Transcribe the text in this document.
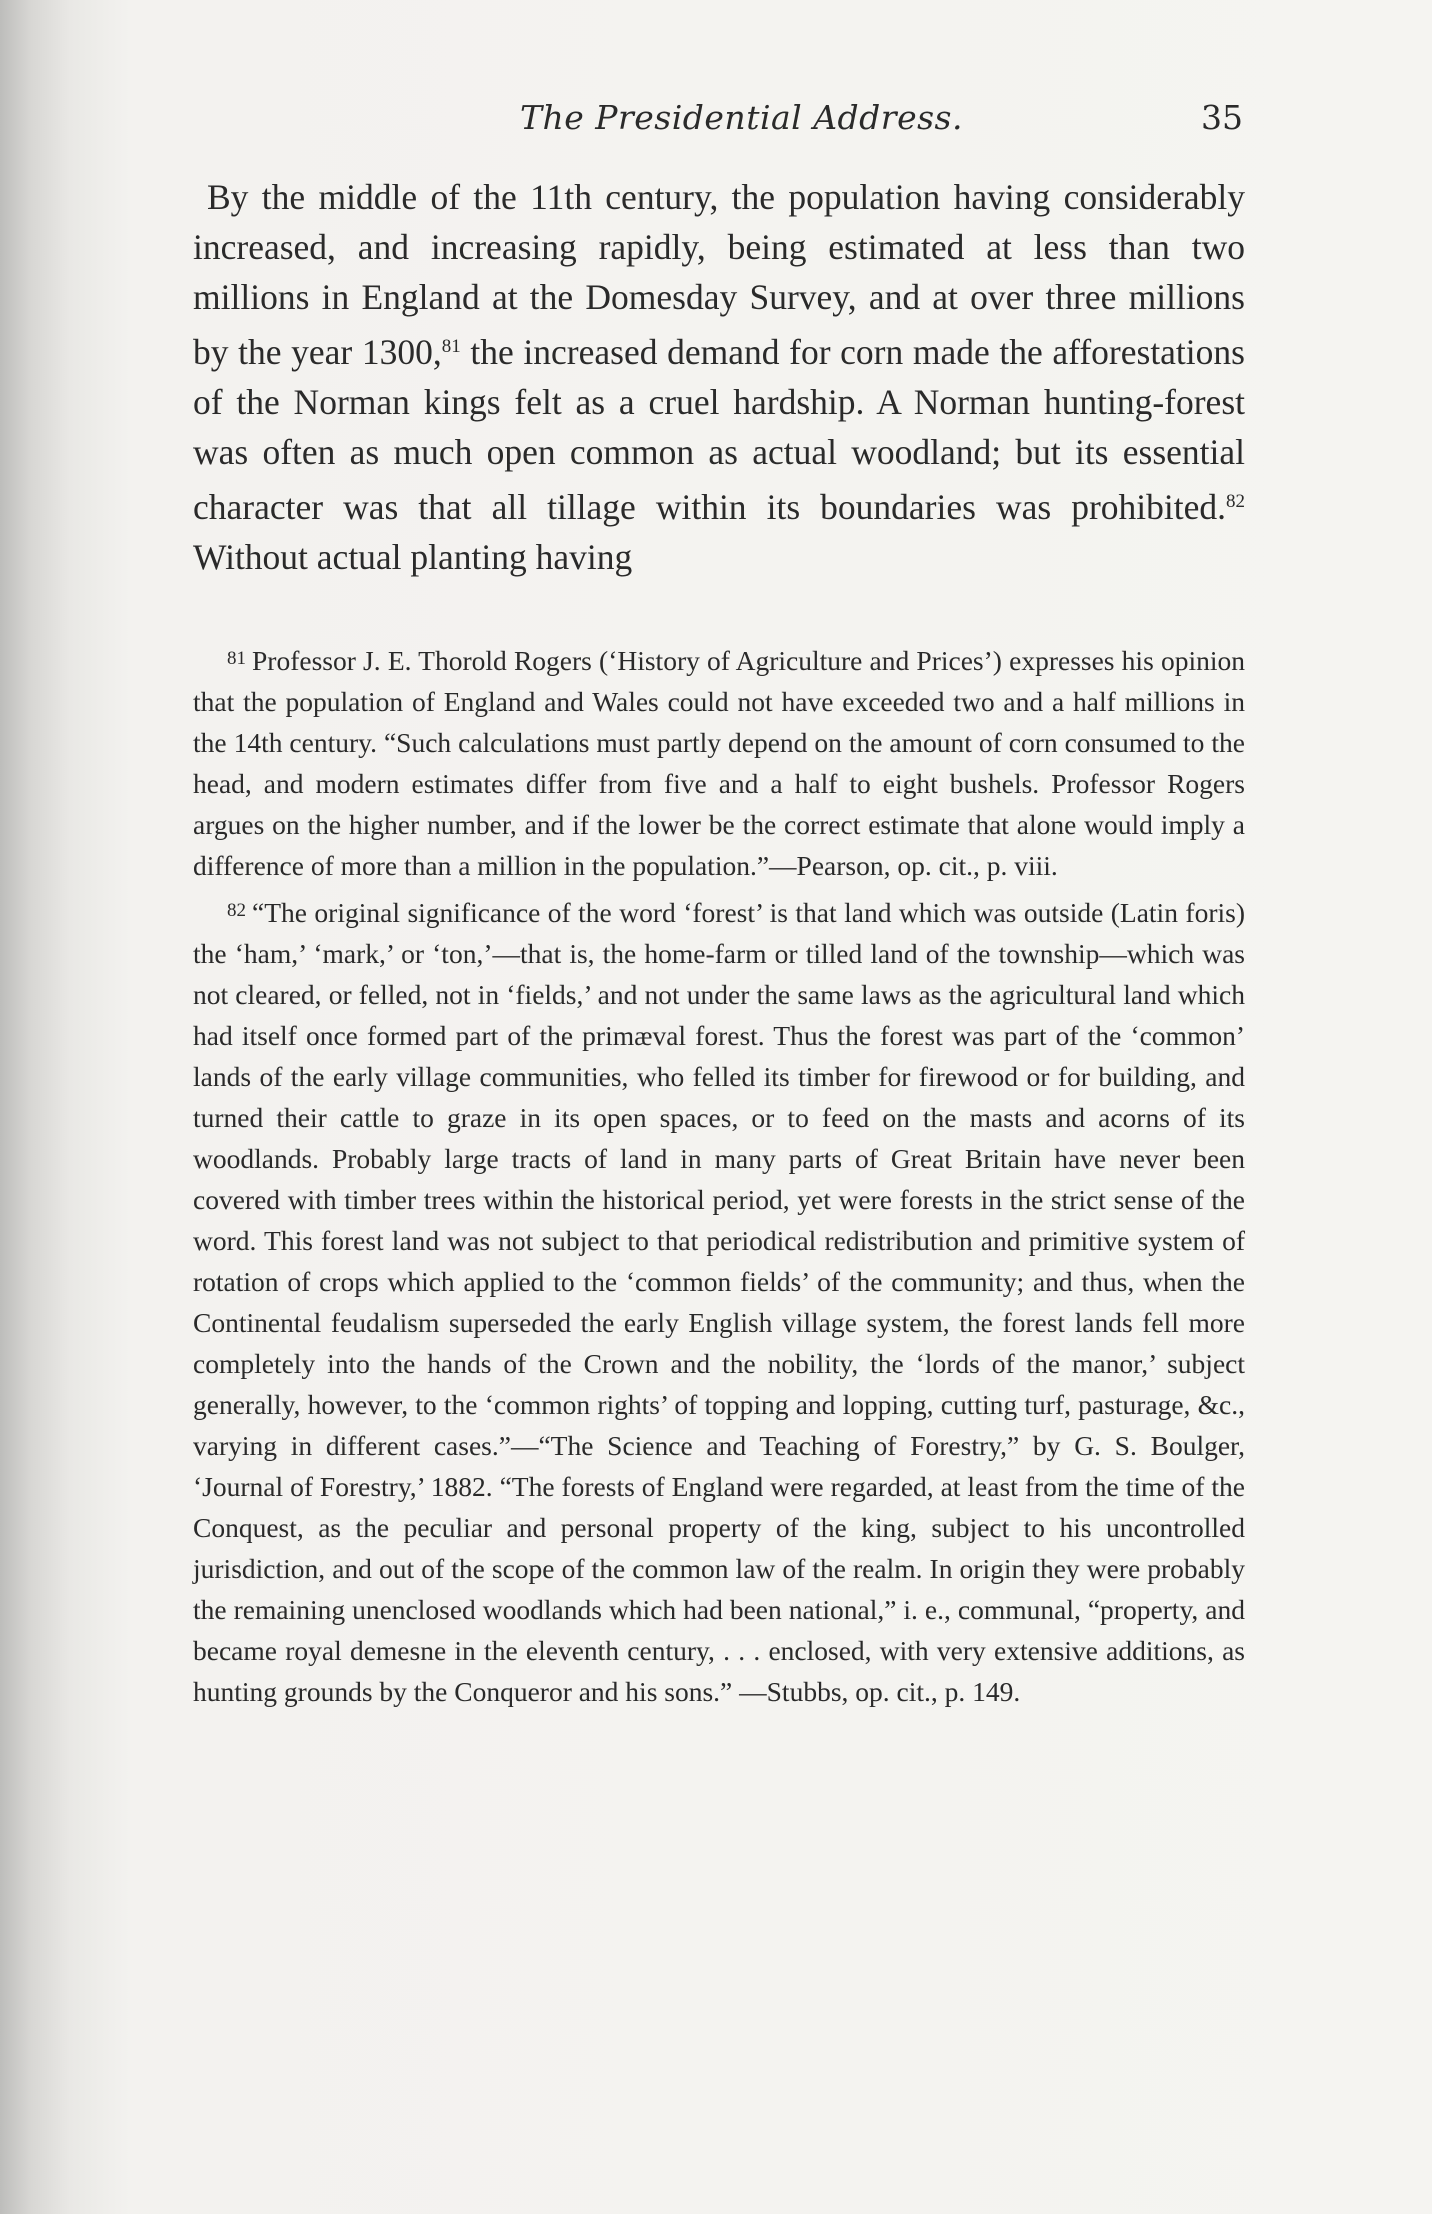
The Presidential Address.	35

By the middle of the 11th century, the population having considerably increased, and increasing rapidly, being estimated at less than two millions in England at the Domesday Survey, and at over three millions by the year 1300,81 the increased demand for corn made the afforestations of the Norman kings felt as a cruel hardship. A Norman hunting-forest was often as much open common as actual woodland; but its essential character was that all tillage within its boundaries was prohibited.$^{82}$ Without actual planting having

$^{81}$ Professor J. E. Thorold Rogers (‘History of Agriculture and Prices’) expresses his opinion that the population of England and Wales could not have exceeded two and a half millions in the 14th century. “Such calculations must partly depend on the amount of corn consumed to the head, and modern estimates differ from five and a half to eight bushels. Professor Rogers argues on the higher number, and if the lower be the correct estimate that alone would imply a difference of more than a million in the population.”—Pearson, op. cit., p. viii.

$^{82}$ “The original significance of the word ‘forest’ is that land which was outside (Latin foris) the ‘ham,’ ‘mark,’ or ‘ton,’—that is, the home-farm or tilled land of the township—which was not cleared, or felled, not in ‘fields,’ and not under the same laws as the agricultural land which had itself once formed part of the primæval forest. Thus the forest was part of the ‘common’ lands of the early village communities, who felled its timber for firewood or for building, and turned their cattle to graze in its open spaces, or to feed on the masts and acorns of its woodlands. Probably large tracts of land in many parts of Great Britain have never been covered with timber trees within the historical period, yet were forests in the strict sense of the word. This forest land was not subject to that periodical redistribution and primitive system of rotation of crops which applied to the ‘common fields’ of the community; and thus, when the Continental feudalism superseded the early English village system, the forest lands fell more completely into the hands of the Crown and the nobility, the ‘lords of the manor,’ subject generally, however, to the ‘common rights’ of topping and lopping, cutting turf, pasturage, &c., varying in different cases.”—“The Science and Teaching of Forestry,” by G. S. Boulger, ‘Journal of Forestry,’ 1882. “The forests of England were regarded, at least from the time of the Conquest, as the peculiar and personal property of the king, subject to his uncontrolled jurisdiction, and out of the scope of the common law of the realm. In origin they were probably the remaining unenclosed woodlands which had been national,” i. e., communal, “property, and became royal demesne in the eleventh century, . . . enclosed, with very extensive additions, as hunting grounds by the Conqueror and his sons.” —Stubbs, op. cit., p. 149.
